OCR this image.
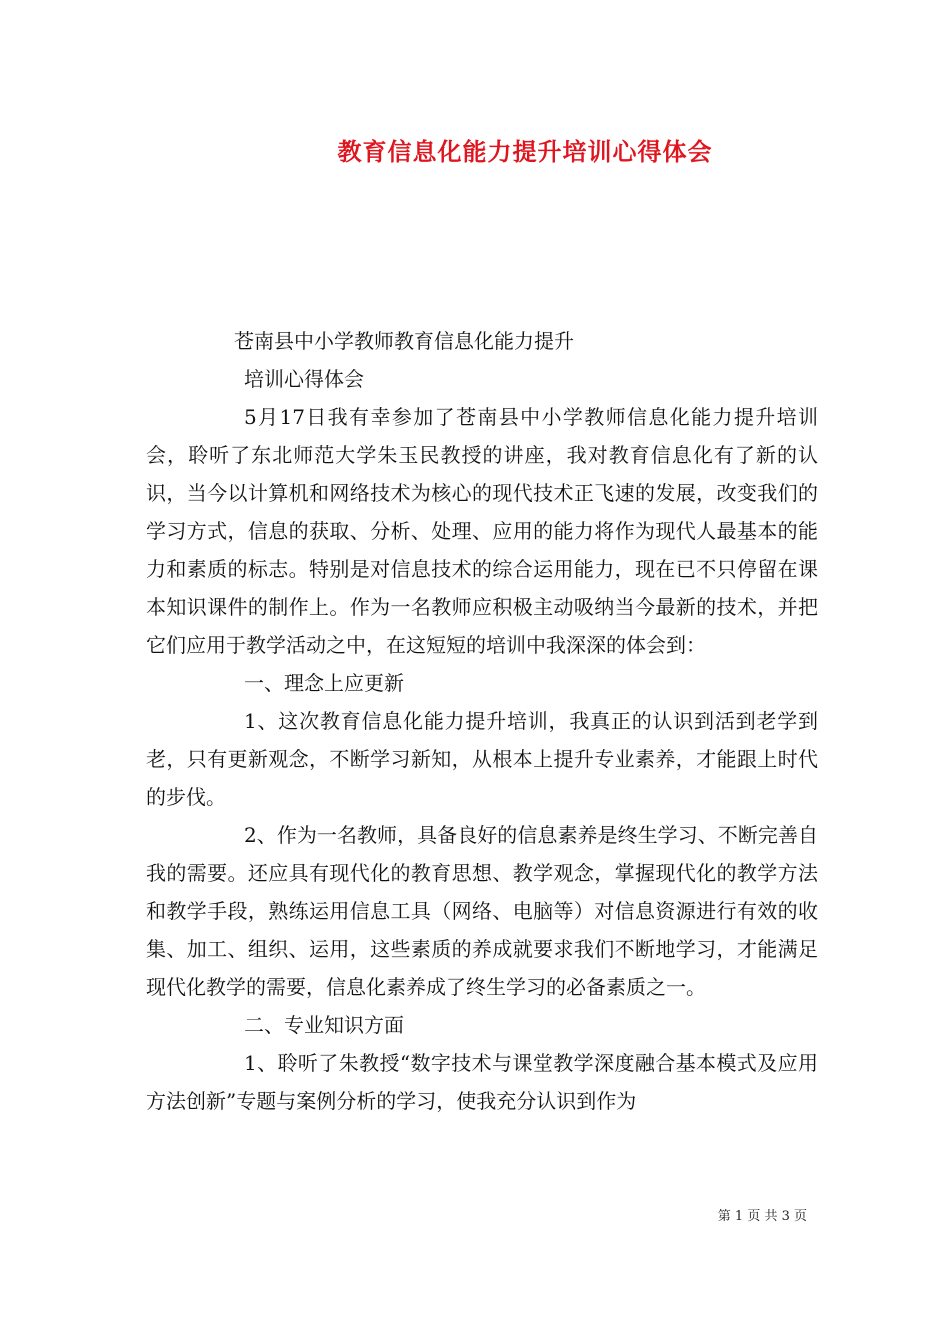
教育信息化能力提升培训心得体会

苍南县中小学教师教育信息化能力提升

培训心得体会

5月17日我有幸参加了苍南县中小学教师信息化能力提升培训会，聆听了东北师范大学朱玉民教授的讲座，我对教育信息化有了新的认识，当今以计算机和网络技术为核心的现代技术正飞速的发展，改变我们的学习方式，信息的获取、分析、处理、应用的能力将作为现代人最基本的能力和素质的标志。特别是对信息技术的综合运用能力，现在已不只停留在课本知识课件的制作上。作为一名教师应积极主动吸纳当今最新的技术，并把它们应用于教学活动之中，在这短短的培训中我深深的体会到：

一、理念上应更新

1、这次教育信息化能力提升培训，我真正的认识到活到老学到老，只有更新观念，不断学习新知，从根本上提升专业素养，才能跟上时代的步伐。

2、作为一名教师，具备良好的信息素养是终生学习、不断完善自我的需要。还应具有现代化的教育思想、教学观念，掌握现代化的教学方法和教学手段，熟练运用信息工具（网络、电脑等）对信息资源进行有效的收集、加工、组织、运用，这些素质的养成就要求我们不断地学习，才能满足现代化教学的需要，信息化素养成了终生学习的必备素质之一。

二、专业知识方面

1、聆听了朱教授“数字技术与课堂教学深度融合基本模式及应用方法创新”专题与案例分析的学习，使我充分认识到作为

第 1 页 共 3 页
